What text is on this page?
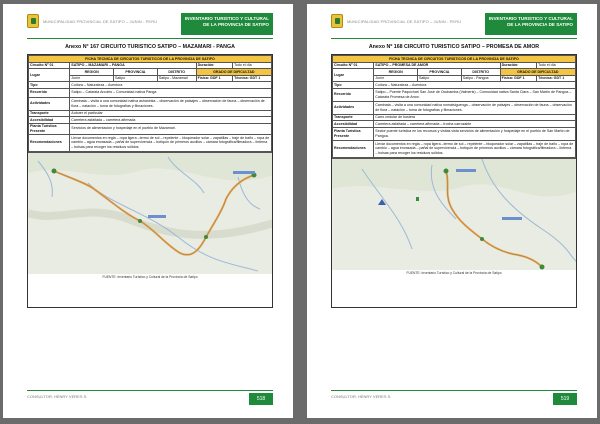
MUNICIPALIDAD PROVINCIAL DE SATIPO – JUNIN - PERU
INVENTARIO TURISTICO Y CULTURAL DE LA PROVINCIA DE SATIPO
Anexo N° 167 CIRCUITO TURISTICO SATIPO – MAZAMARI - PANGA
FICHA TECNICA DE CIRCUITOS TURISTICOS DE LA PROVINCIA DE SATIPO					
Circuito Nº 01	SATIPO – MAZAMARI – PANGA			Duración:	Todo el día
Lugar	REGION	PROVINCIA	DISTRITO	GRADO DE DIFICULTAD	
	Junín	Satipo	Satipo - Mazamari	Física: GDF 1	Técnica: GDT 1
Tipo	Cultura – Naturaleza – Aventura				
Recorrido	Satipo – Catarata Arcoiris – Comunidad nativa Panga				
Actividades	Caminata – visita a una comunidad nativa ashaninka – observación de paisajes – observación de fauna – observación de flora – natación – toma de fotografías y filmaciones.				
Transporte	Autorer el particular				
Accesibilidad	Carretera asfaltada – carretera afirmada				
Planta Turística Presente	Servicios de alimentación y hospedaje en el pueblo de Mazamari.				
Recomendaciones	Llevar documentos en regla – ropa ligera –termo de sol – repelente – bloqueador solar – zapatillas – traje de baño – ropa de cambio – agua envasada – pañal de supervivencia – botiquín de primeros auxilios – cámara fotográfica/filmadora – linterna – bolsas para recoger los residuos sólidos.				
FUENTE: Inventario Turístico y Cultural de la Provincia de Satipo
CONSULTOR: HENRY VERES S.	518
MUNICIPALIDAD PROVINCIAL DE SATIPO – JUNIN - PERU
INVENTARIO TURISTICO Y CULTURAL DE LA PROVINCIA DE SATIPO
Anexo Nº 168 CIRCUITO TURISTICO SATIPO – PROMESA DE AMOR
FICHA TECNICA DE CIRCUITOS TURISTICOS DE LA PROVINCIA DE SATIPO					
Circuito Nº 01	SATIPO – PROMESA DE AMOR			Duración:	Todo el día
Lugar	REGION	PROVINCIA	DISTRITO	GRADO DE DIFICULTAD	
	Junín	Satipo	Satipo - Pangoa	Física: GDF 1	Técnica: GDT 1
Tipo	Cultura – Naturaleza – Aventura				
Recorrido	Satipo – Puente Paquichari San José de Ocobamba (Valmeris) – Comunidad nativa Santa Clara – San Martín de Pangoa – Catarata Promesa de Amor.				
Actividades	Caminata – visita a una comunidad nativa nomatsiguenga – observación de paisajes – observación de fauna – observación de flora – natación – toma de fotografías y filmaciones.				
Transporte	Carro cedular de hostera				
Accesibilidad	Carretera asfaltada – carretera afirmada – trocha carrozable				
Planta Turística Presente	Sector puente turística en los recursos y visitas vista servicios de alimentación y hospedaje en el pueblo de San Martín de Pangoa.				
Recomendaciones	Llevar documentos en regla – ropa ligera –termo de sol – repelente – bloqueador solar – zapatillas – traje de baño – ropa de cambio – agua envasada – pañal de supervivencia – botiquín de primeros auxilios – cámara fotográfica/filmadora – linterna – bolsas para recoger los residuos sólidos.				
FUENTE: Inventario Turístico y Cultural de la Provincia de Satipo
CONSULTOR: HENRY VERES S.	519
